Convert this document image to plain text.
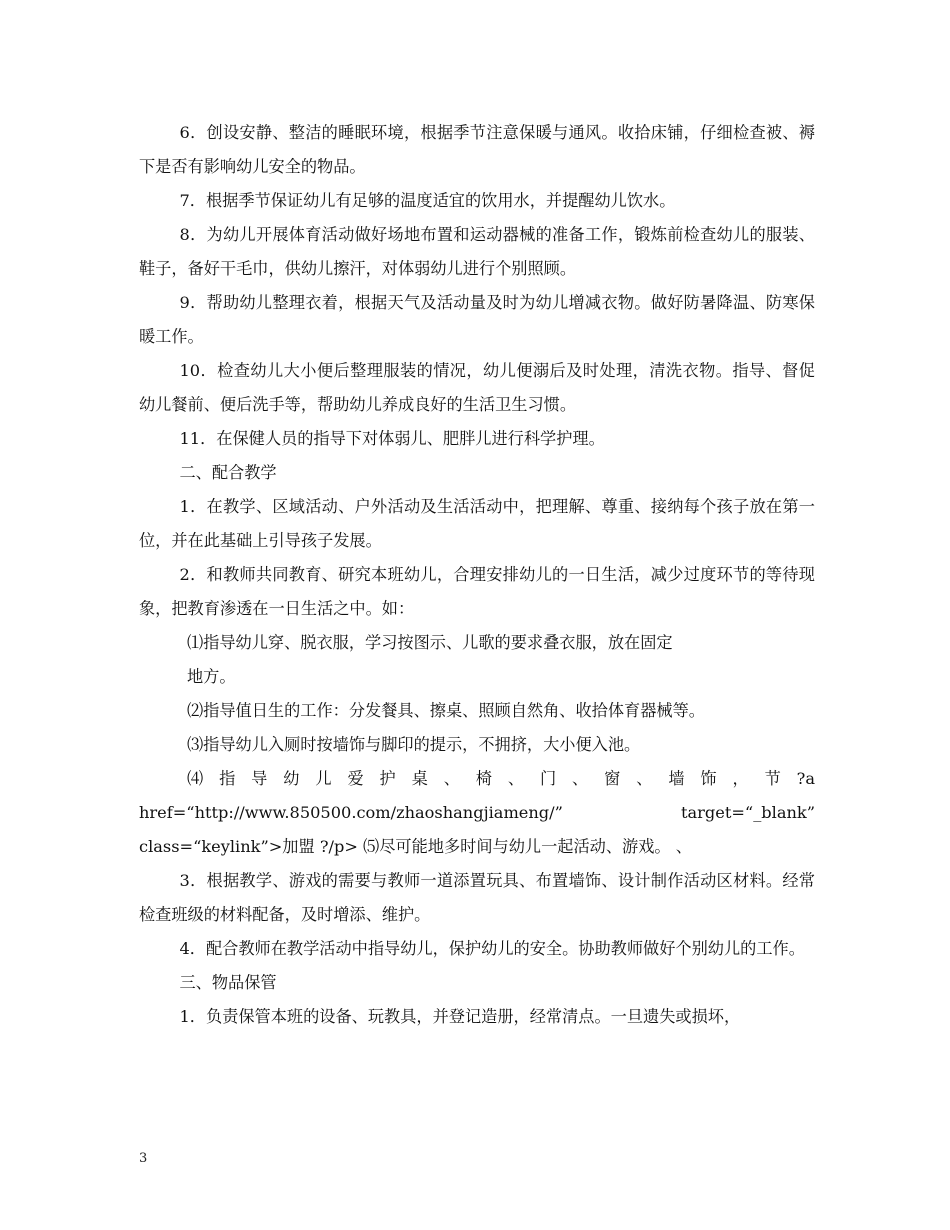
6．创设安静、整洁的睡眠环境，根据季节注意保暖与通风。收拾床铺，仔细检查被、褥下是否有影响幼儿安全的物品。

7．根据季节保证幼儿有足够的温度适宜的饮用水，并提醒幼儿饮水。

8．为幼儿开展体育活动做好场地布置和运动器械的准备工作，锻炼前检查幼儿的服装、鞋子，备好干毛巾，供幼儿擦汗，对体弱幼儿进行个别照顾。

9．帮助幼儿整理衣着，根据天气及活动量及时为幼儿增减衣物。做好防暑降温、防寒保暖工作。

10．检查幼儿大小便后整理服装的情况，幼儿便溺后及时处理，清洗衣物。指导、督促幼儿餐前、便后洗手等，帮助幼儿养成良好的生活卫生习惯。

11．在保健人员的指导下对体弱儿、肥胖儿进行科学护理。

二、配合教学

1．在教学、区域活动、户外活动及生活活动中，把理解、尊重、接纳每个孩子放在第一位，并在此基础上引导孩子发展。

2．和教师共同教育、研究本班幼儿，合理安排幼儿的一日生活，减少过度环节的等待现象，把教育渗透在一日生活之中。如：

⑴指导幼儿穿、脱衣服，学习按图示、儿歌的要求叠衣服，放在固定

地方。

⑵指导值日生的工作：分发餐具、擦桌、照顾自然角、收拾体育器械等。

⑶指导幼儿入厕时按墙饰与脚印的提示，不拥挤，大小便入池。

⑷ 指 导 幼 儿 爱 护 桌 、 椅 、 门 、 窗 、 墙 饰 ， 节 ?a

href=“http://www.850500.com/zhaoshangjiameng/” target=“_blank”

class=“keylink”>加盟 ?/p> ⑸尽可能地多时间与幼儿一起活动、游戏。 、

3．根据教学、游戏的需要与教师一道添置玩具、布置墙饰、设计制作活动区材料。经常检查班级的材料配备，及时增添、维护。

4．配合教师在教学活动中指导幼儿，保护幼儿的安全。协助教师做好个别幼儿的工作。

三、物品保管

1．负责保管本班的设备、玩教具，并登记造册，经常清点。一旦遗失或损坏，

3
